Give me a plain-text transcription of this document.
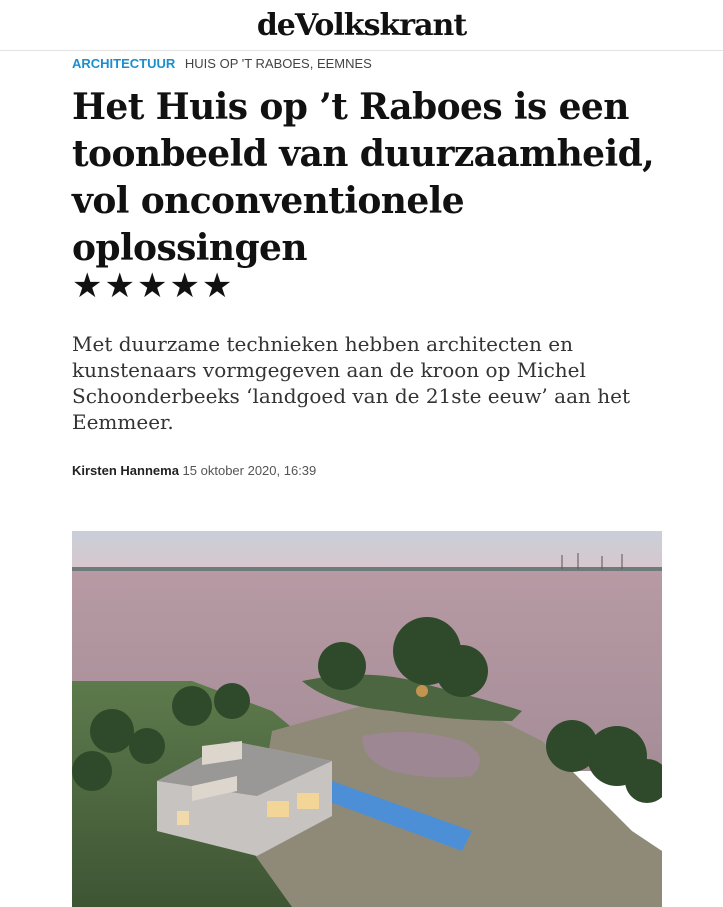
deVolkskrant
ARCHITECTUUR HUIS OP 'T RABOES, EEMNES
Het Huis op ’t Raboes is een toonbeeld van duurzaamheid, vol onconventionele oplossingen
★★★★★

Met duurzame technieken hebben architecten en kunstenaars vormgegeven aan de kroon op Michel Schoonderbeeks ‘landgoed van de 21ste eeuw’ aan het Eemmeer.

Kirsten Hannema 15 oktober 2020, 16:39
